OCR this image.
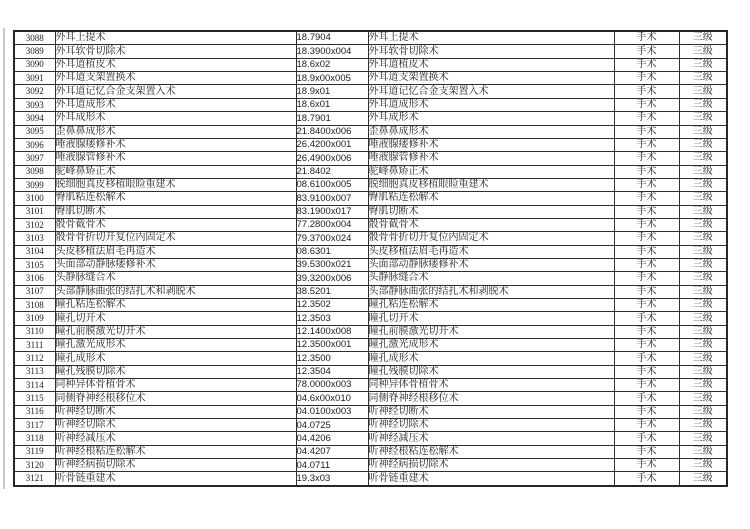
3088	外耳上提术	18.7904	外耳上提术	手术	三级
3089	外耳软骨切除术	18.3900x004	外耳软骨切除术	手术	三级
3090	外耳道植皮术	18.6x02	外耳道植皮术	手术	三级
3091	外耳道支架置换术	18.9x00x005	外耳道支架置换术	手术	三级
3092	外耳道记忆合金支架置入术	18.9x01	外耳道记忆合金支架置入术	手术	三级
3093	外耳道成形术	18.6x01	外耳道成形术	手术	三级
3094	外耳成形术	18.7901	外耳成形术	手术	三级
3095	歪鼻鼻成形术	21.8400x006	歪鼻鼻成形术	手术	三级
3096	唾液腺瘘修补术	26.4200x001	唾液腺瘘修补术	手术	三级
3097	唾液腺管修补术	26.4900x006	唾液腺管修补术	手术	三级
3098	驼峰鼻矫正术	21.8402	驼峰鼻矫正术	手术	三级
3099	脱细胞真皮移植眼睑重建术	08.6100x005	脱细胞真皮移植眼睑重建术	手术	三级
3100	臀肌粘连松解术	83.9100x007	臀肌粘连松解术	手术	三级
3101	臀肌切断术	83.1900x017	臀肌切断术	手术	三级
3102	骰骨截骨术	77.2800x004	骰骨截骨术	手术	三级
3103	骰骨骨折切开复位内固定术	79.3700x024	骰骨骨折切开复位内固定术	手术	三级
3104	头皮移植法眉毛再造术	08.6301	头皮移植法眉毛再造术	手术	三级
3105	头面部动静脉瘘修补术	39.5300x021	头面部动静脉瘘修补术	手术	三级
3106	头静脉缝合术	39.3200x006	头静脉缝合术	手术	三级
3107	头部静脉曲张的结扎术和剥脱术	38.5201	头部静脉曲张的结扎术和剥脱术	手术	三级
3108	瞳孔粘连松解术	12.3502	瞳孔粘连松解术	手术	三级
3109	瞳孔切开术	12.3503	瞳孔切开术	手术	三级
3110	瞳孔前膜激光切开术	12.1400x008	瞳孔前膜激光切开术	手术	三级
3111	瞳孔激光成形术	12.3500x001	瞳孔激光成形术	手术	三级
3112	瞳孔成形术	12.3500	瞳孔成形术	手术	三级
3113	瞳孔残膜切除术	12.3504	瞳孔残膜切除术	手术	三级
3114	同种异体骨植骨术	78.0000x003	同种异体骨植骨术	手术	三级
3115	同侧脊神经根移位术	04.6x00x010	同侧脊神经根移位术	手术	三级
3116	听神经切断术	04.0100x003	听神经切断术	手术	三级
3117	听神经切除术	04.0725	听神经切除术	手术	三级
3118	听神经减压术	04.4206	听神经减压术	手术	三级
3119	听神经根粘连松解术	04.4207	听神经根粘连松解术	手术	三级
3120	听神经病损切除术	04.0711	听神经病损切除术	手术	三级
3121	听骨链重建术	19.3x03	听骨链重建术	手术	三级
